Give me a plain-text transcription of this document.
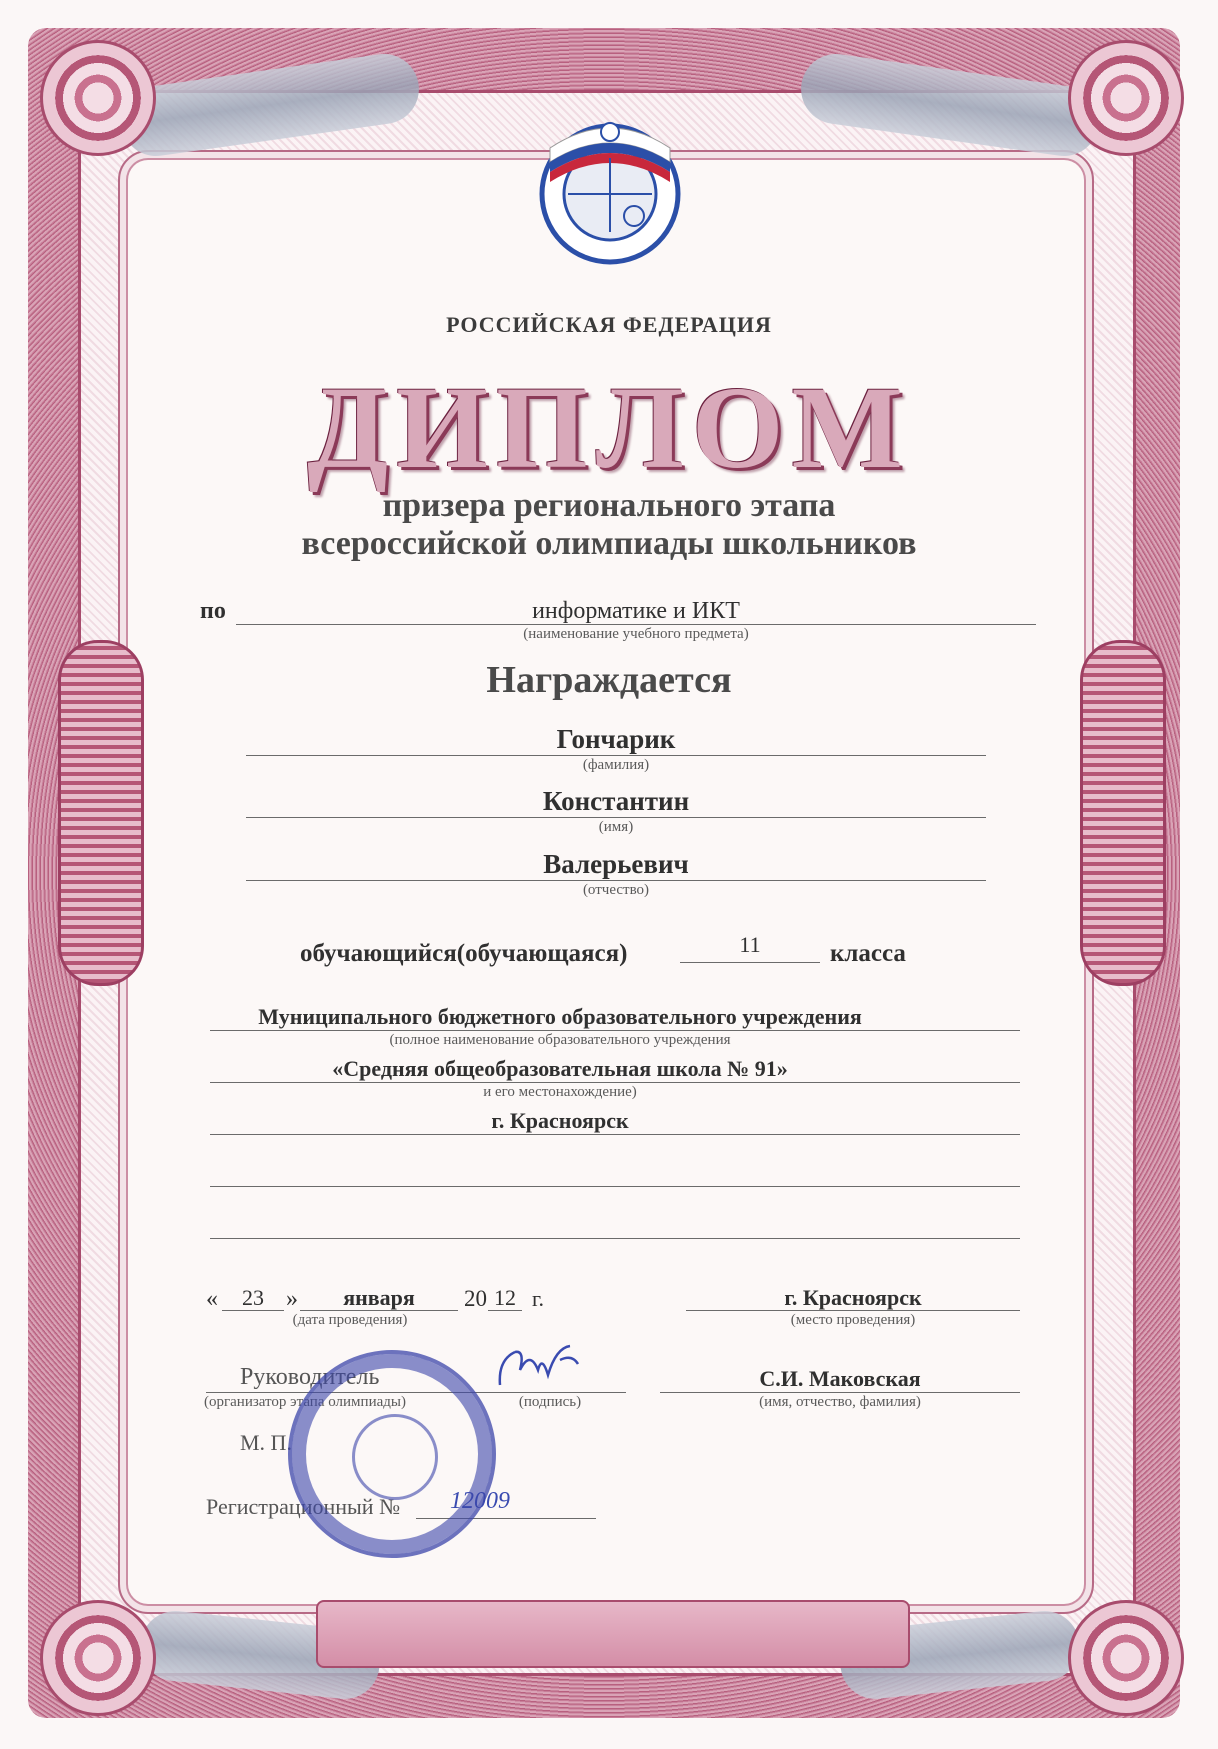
РОССИЙСКАЯ ФЕДЕРАЦИЯ
ДИПЛОМ
призера регионального этапа
всероссийской олимпиады школьников
по	информатике и ИКТ
(наименование учебного предмета)
Награждается
Гончарик
(фамилия)
Константин
(имя)
Валерьевич
(отчество)
обучающийся(обучающаяся)	11	класса
Муниципального бюджетного образовательного учреждения
(полное наименование образовательного учреждения
«Средняя общеобразовательная школа № 91»
и его местонахождение)
г. Красноярск
«	23 »	января	20 12 г.
(дата проведения)
г. Красноярск
(место проведения)
Руководитель
(организатор этапа олимпиады)	(подпись)
С.И. Маковская
(имя, отчество, фамилия)
М. П.
Регистрационный №	12009
